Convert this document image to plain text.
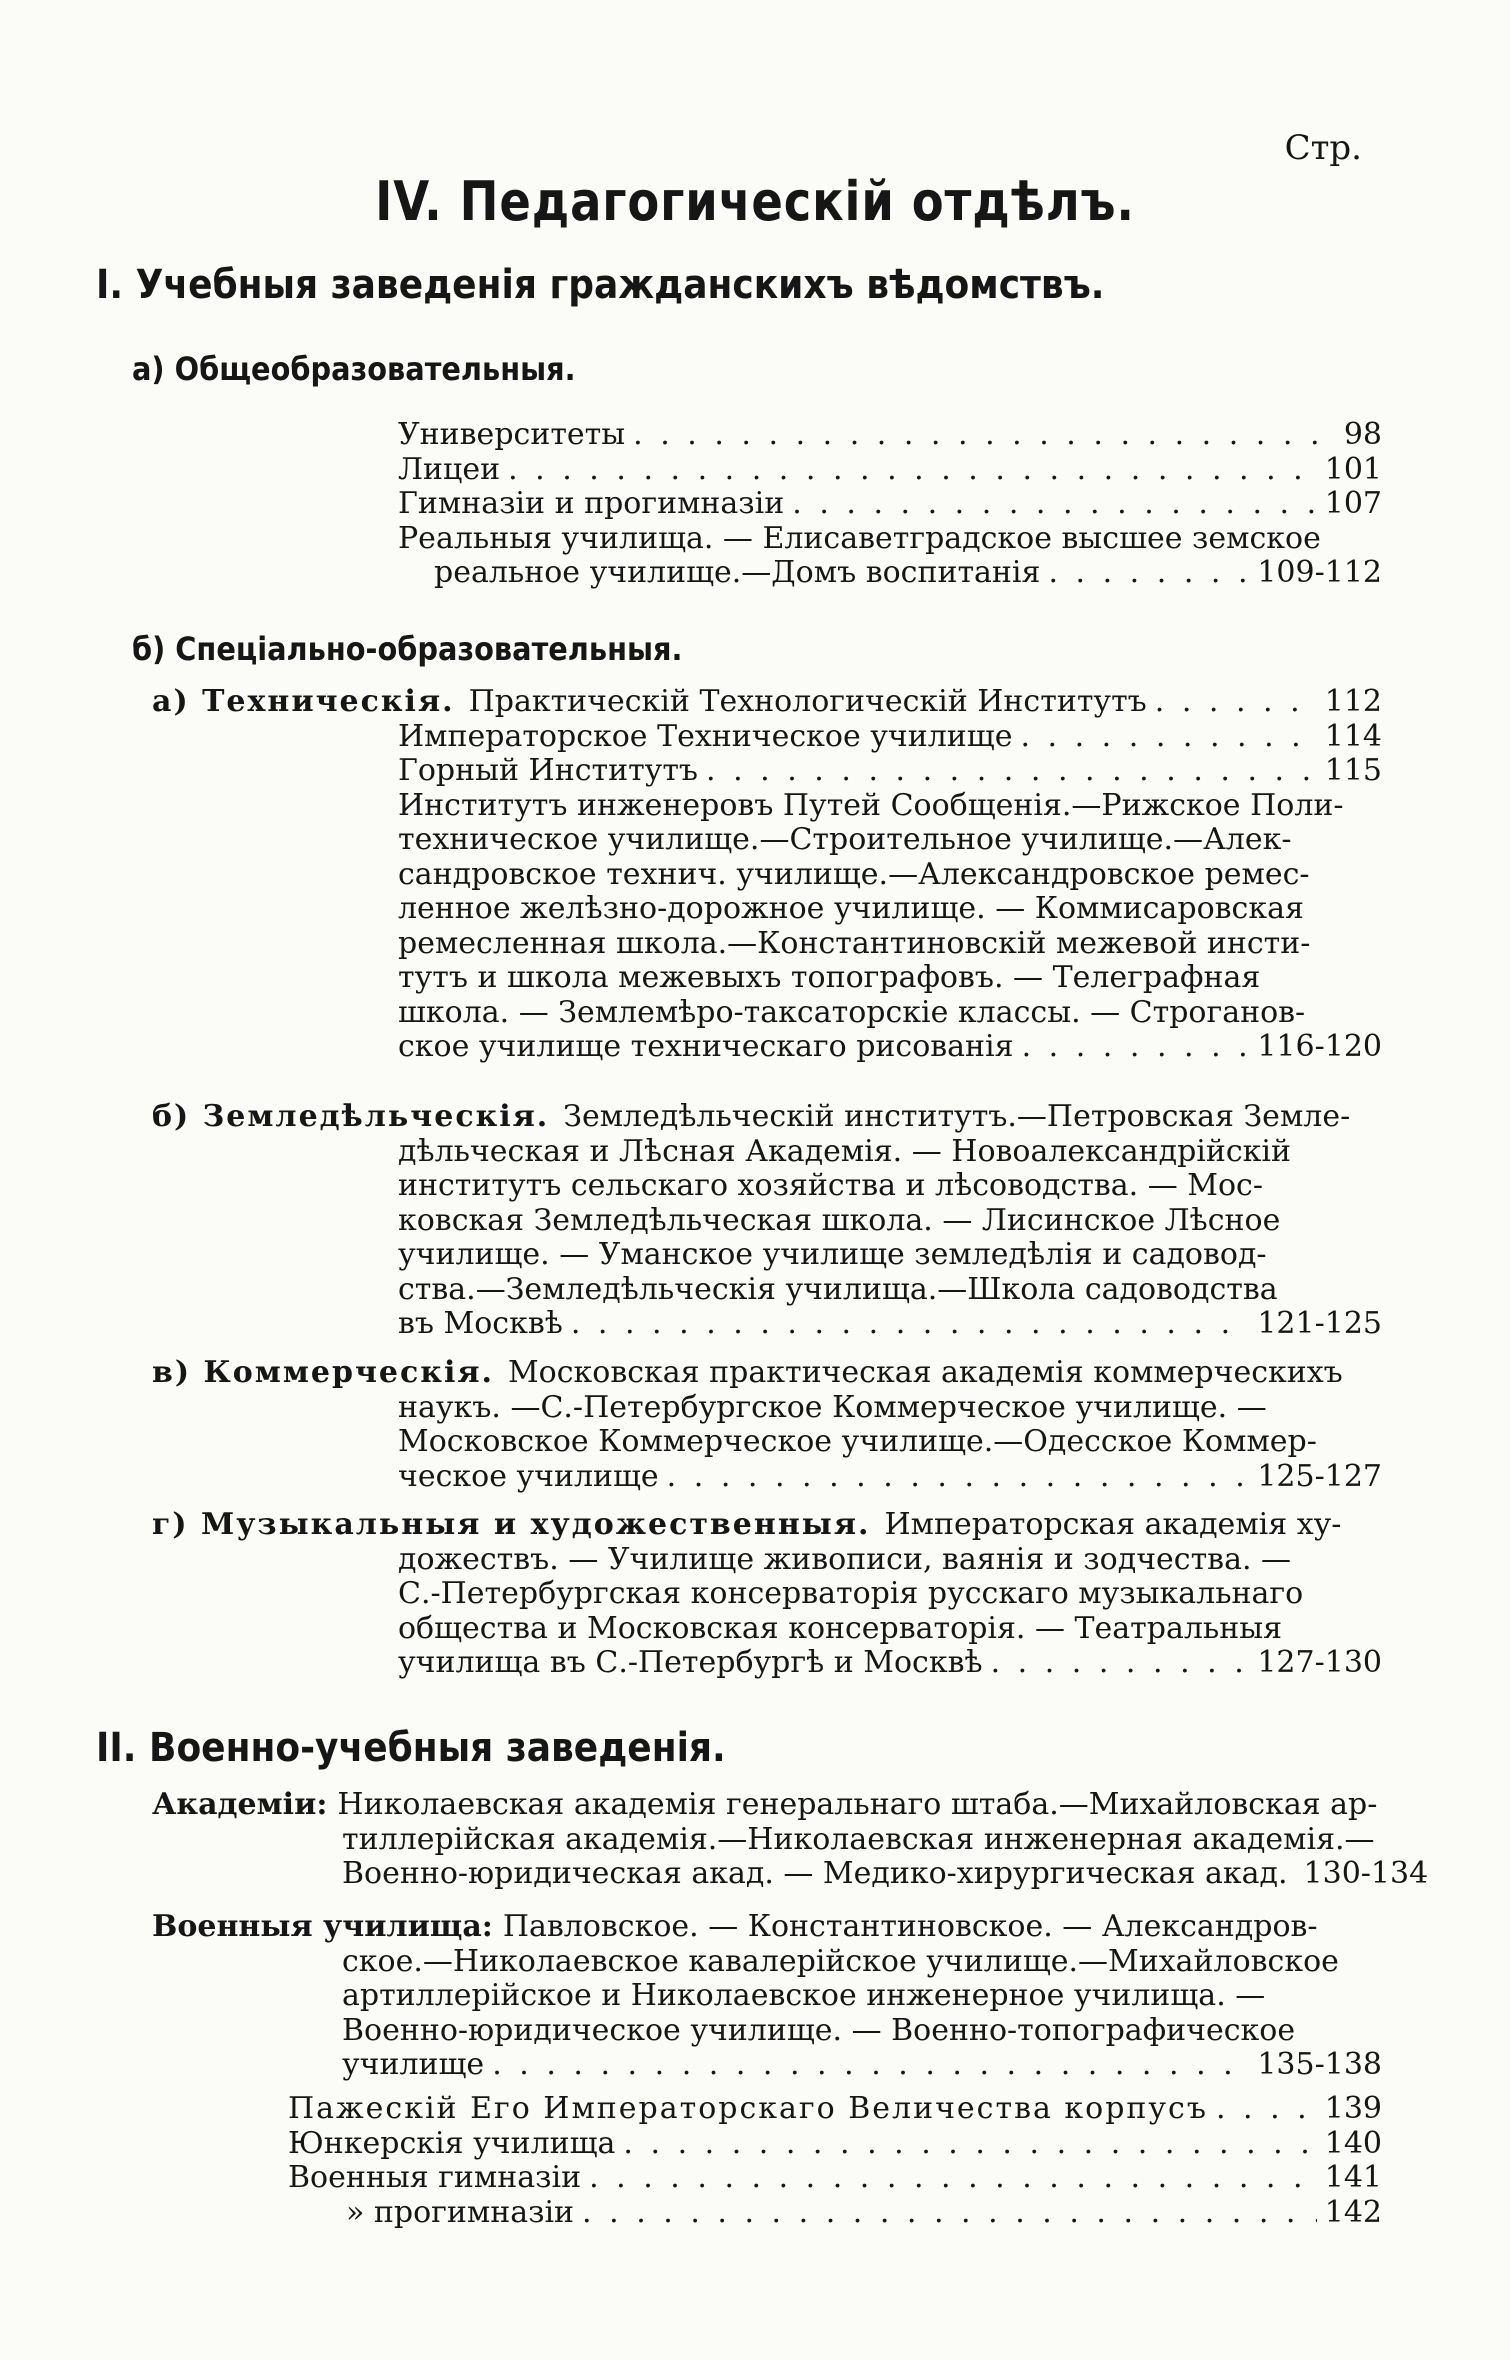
Стр.
IV. Педагогическій отдѣлъ.
I. Учебныя заведенія гражданскихъ вѣдомствъ.
а) Общеобразовательныя.
Университеты . . .	98
Лицеи . . .	101
Гимназіи и прогимназіи . . .	107
Реальныя училища. — Елисаветградское высшее земское
реальное училище.—Домъ воспитанія . . .	109-112
б) Спеціально-образовательныя.
а) Техническія. Практическій Технологическій Институтъ . . .	112
Императорское Техническое училище . . .	114
Горный Институтъ . . .	115
Институтъ инженеровъ Путей Сообщенія.—Рижское Поли-
техническое училище.—Строительное училище.—Алек-
сандровское технич. училище.—Александровское ремес-
ленное желѣзно-дорожное училище. — Коммисаровская
ремесленная школа.—Константиновскій межевой инсти-
тутъ и школа межевыхъ топографовъ. — Телеграфная
школа. — Землемѣро-таксаторскіе классы. — Строганов-
ское училище техническаго рисованія . . .	116-120
б) Земледѣльческія. Земледѣльческій институтъ.—Петровская Земле-
дѣльческая и Лѣсная Академія. — Новоалександрійскій
институтъ сельскаго хозяйства и лѣсоводства. — Мос-
ковская Земледѣльческая школа. — Лисинское Лѣсное
училище. — Уманское училище земледѣлія и садовод-
ства.—Земледѣльческія училища.—Школа садоводства
въ Москвѣ . . .	121-125
в) Коммерческія. Московская практическая академія коммерческихъ
наукъ. —С.-Петербургское Коммерческое училище. —
Московское Коммерческое училище.—Одесское Коммер-
ческое училище . . .	125-127
г) Музыкальныя и художественныя. Императорская академія ху-
дожествъ. — Училище живописи, ваянія и зодчества. —
С.-Петербургская консерваторія русскаго музыкальнаго
общества и Московская консерваторія. — Театральныя
училища въ С.-Петербургѣ и Москвѣ . . .	127-130
II. Военно-учебныя заведенія.
Академіи: Николаевская академія генеральнаго штаба.—Михайловская ар-
тиллерійская академія.—Николаевская инженерная академія.—
Военно-юридическая акад. — Медико-хирургическая акад. 130-134
Военныя училища: Павловское. — Константиновское. — Александров-
ское.—Николаевское кавалерійское училище.—Михайловское
артиллерійское и Николаевское инженерное училища. —
Военно-юридическое училище. — Военно-топографическое
училище . . .	135-138
Пажескій Его Императорскаго Величества корпусъ . . .	139
Юнкерскія училища . . .	140
Военныя гимназіи . . .	141
» прогимназіи . . .	142
